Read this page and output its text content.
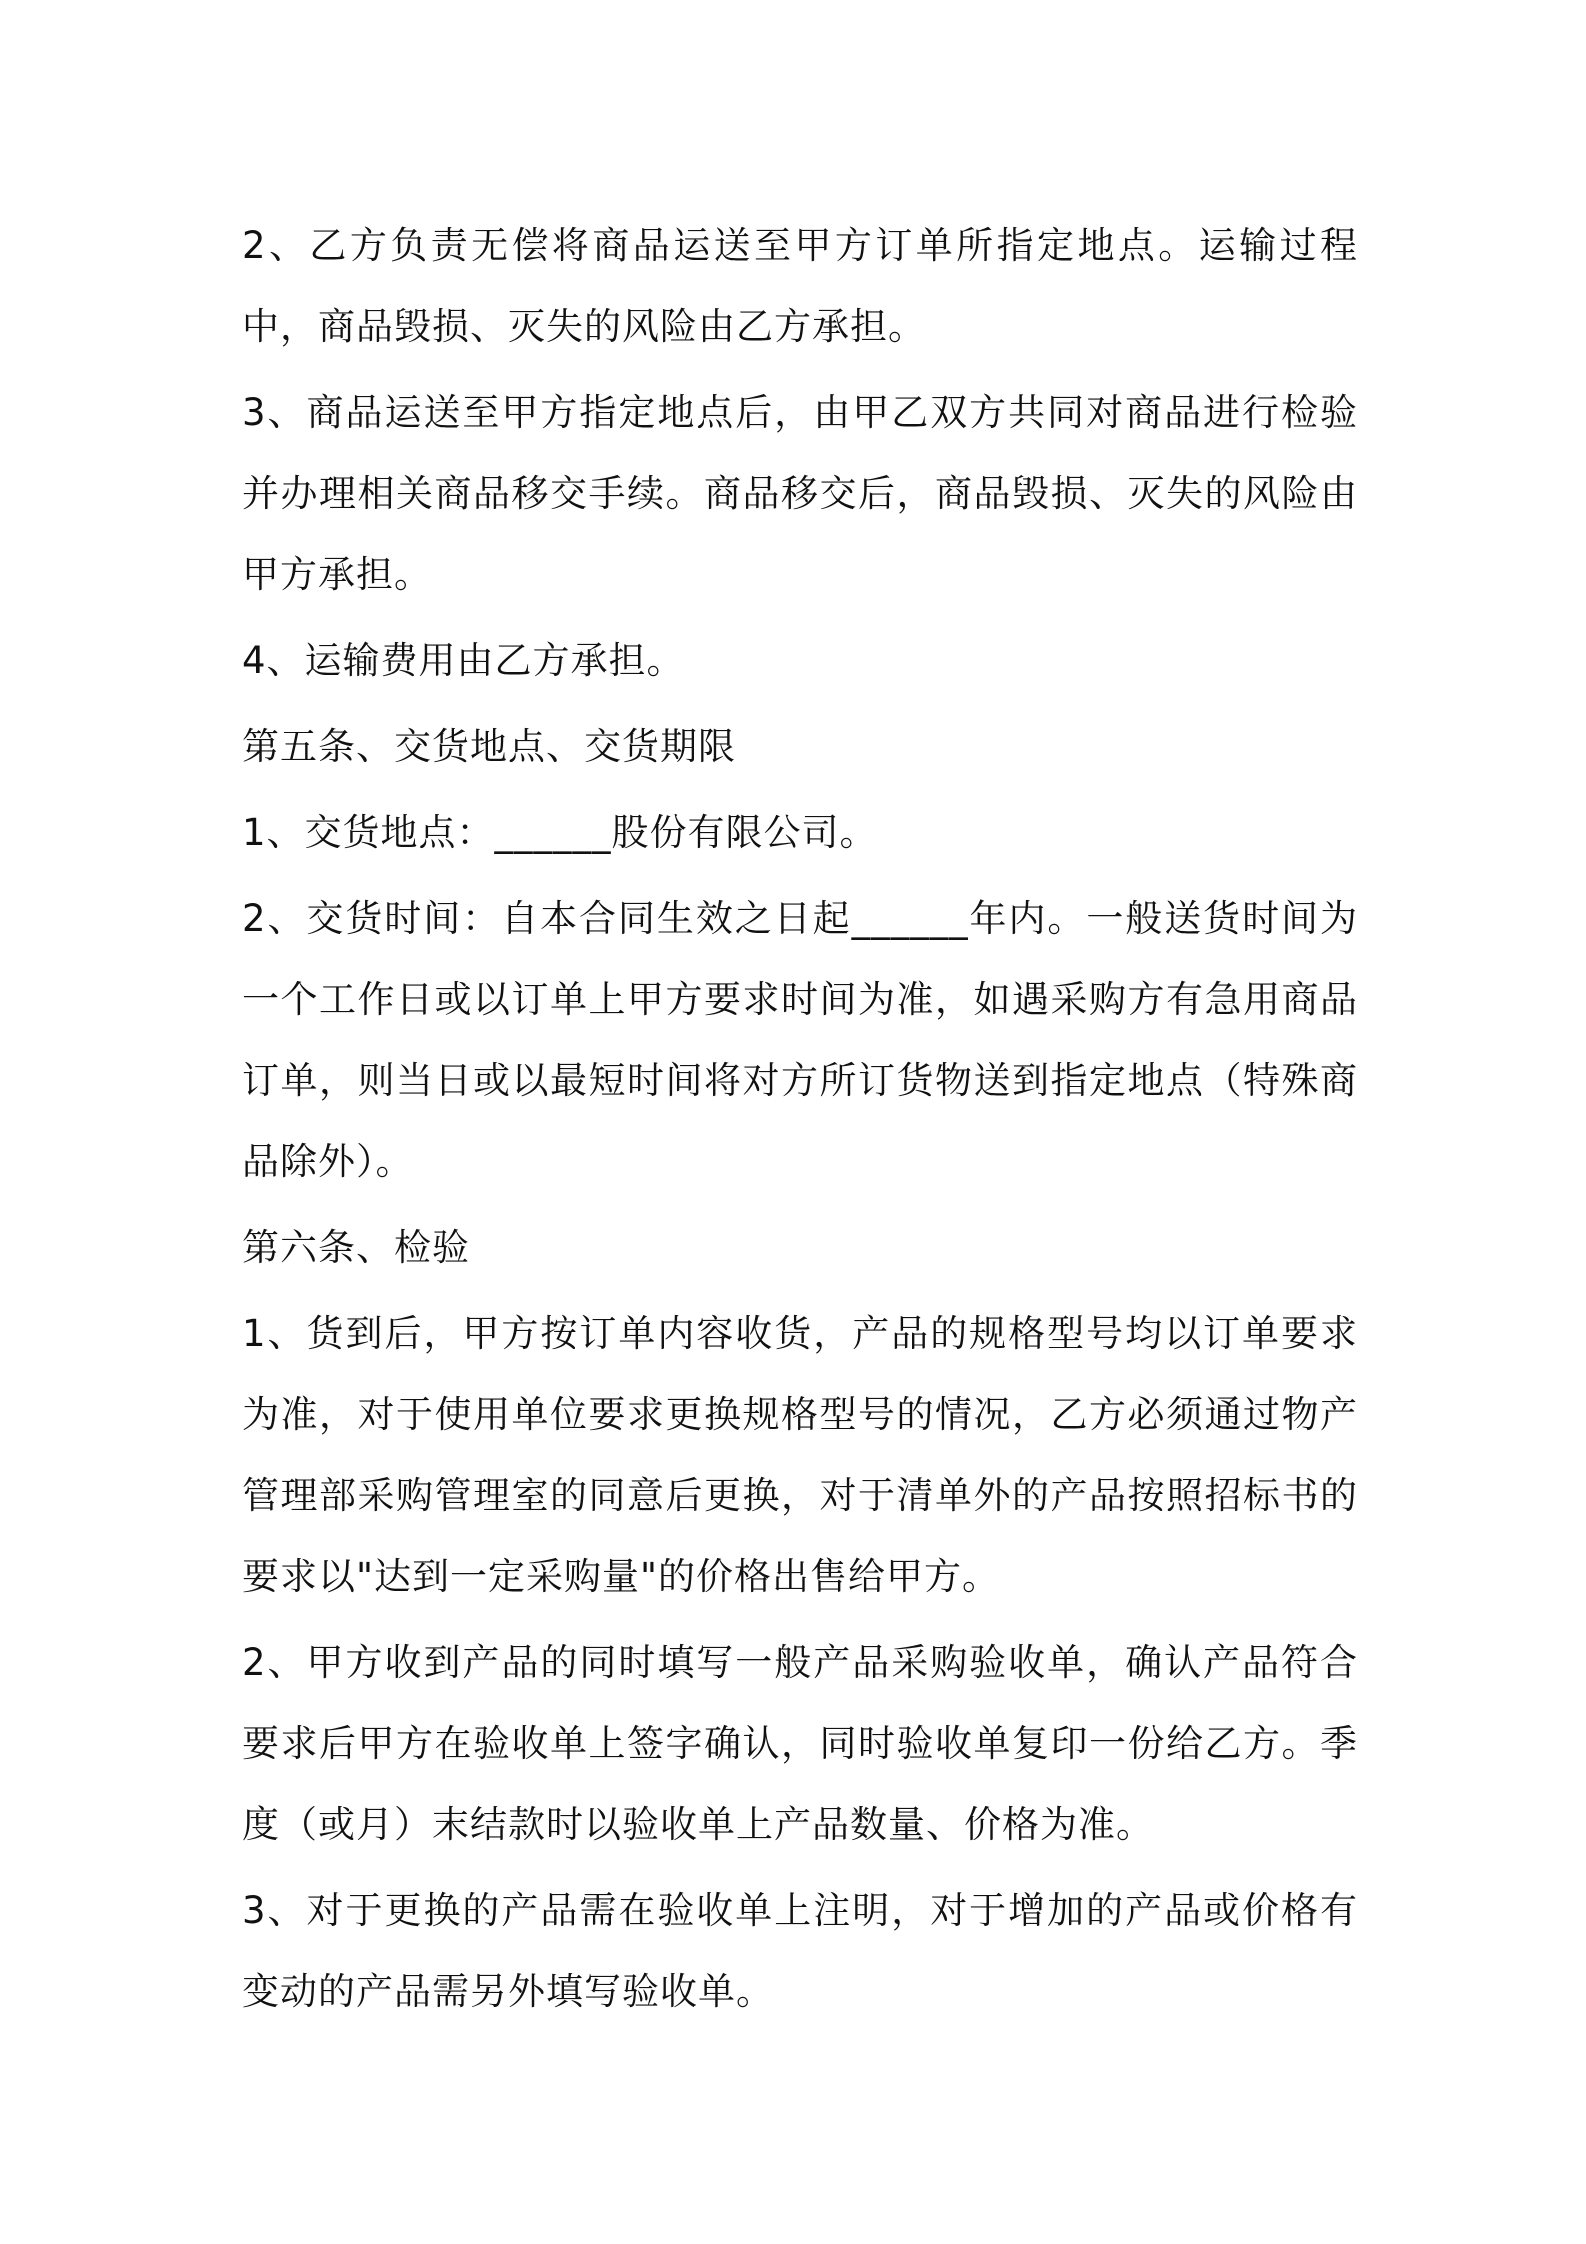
2、乙方负责无偿将商品运送至甲方订单所指定地点。运输过程中，商品毁损、灭失的风险由乙方承担。

3、商品运送至甲方指定地点后，由甲乙双方共同对商品进行检验并办理相关商品移交手续。商品移交后，商品毁损、灭失的风险由甲方承担。

4、运输费用由乙方承担。

第五条、交货地点、交货期限

1、交货地点：______股份有限公司。

2、交货时间：自本合同生效之日起______年内。一般送货时间为一个工作日或以订单上甲方要求时间为准，如遇采购方有急用商品订单，则当日或以最短时间将对方所订货物送到指定地点（特殊商品除外）。

第六条、检验

1、货到后，甲方按订单内容收货，产品的规格型号均以订单要求为准，对于使用单位要求更换规格型号的情况，乙方必须通过物产管理部采购管理室的同意后更换，对于清单外的产品按照招标书的要求以"达到一定采购量"的价格出售给甲方。

2、甲方收到产品的同时填写一般产品采购验收单，确认产品符合要求后甲方在验收单上签字确认，同时验收单复印一份给乙方。季度（或月）末结款时以验收单上产品数量、价格为准。

3、对于更换的产品需在验收单上注明，对于增加的产品或价格有变动的产品需另外填写验收单。
